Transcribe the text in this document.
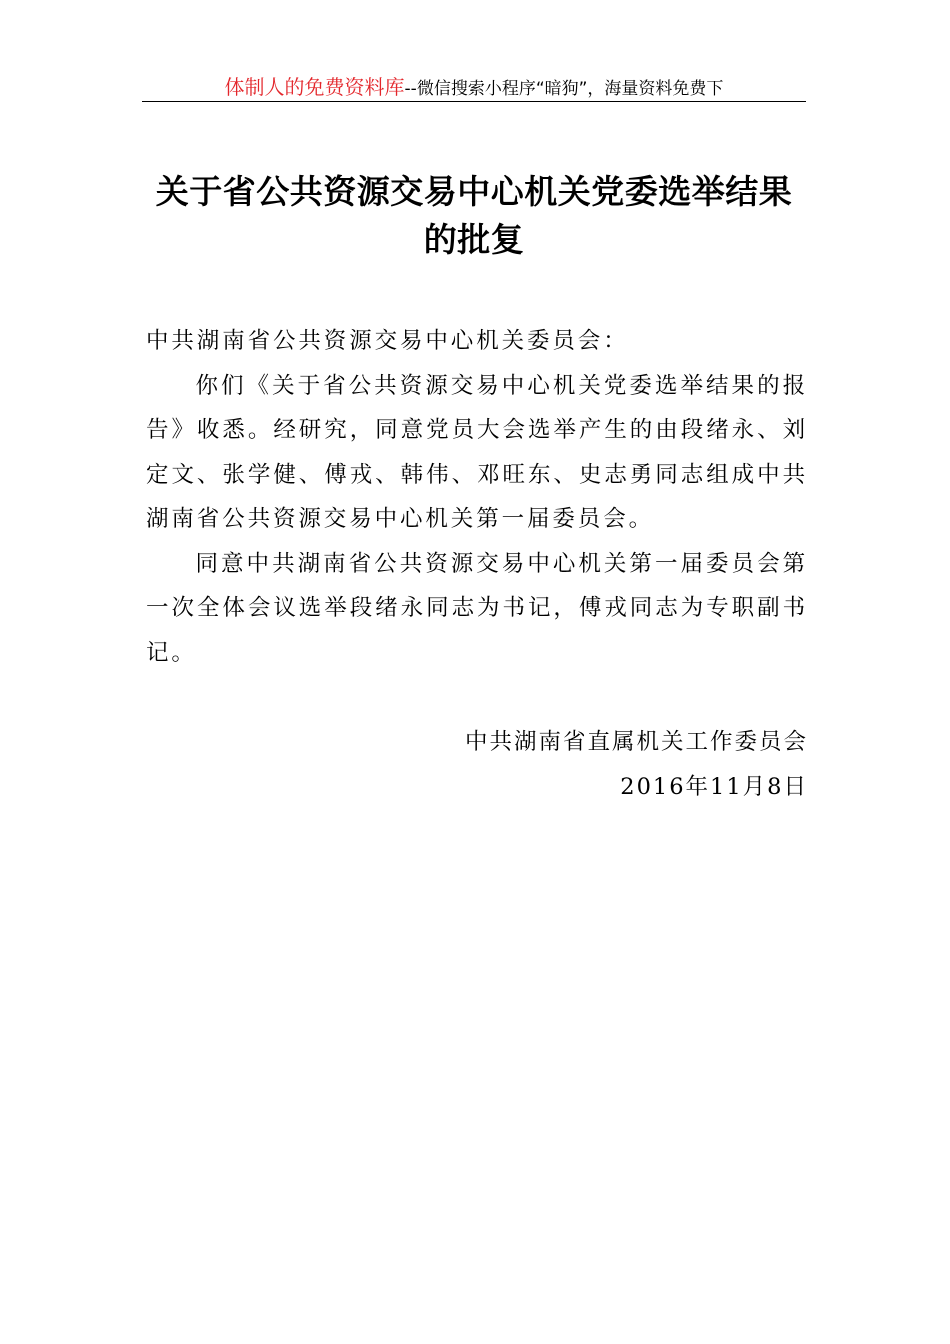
体制人的免费资料库--微信搜索小程序“暗狗”，海量资料免费下
关于省公共资源交易中心机关党委选举结果的批复

中共湖南省公共资源交易中心机关委员会：

你们《关于省公共资源交易中心机关党委选举结果的报告》收悉。经研究，同意党员大会选举产生的由段绪永、刘定文、张学健、傅戎、韩伟、邓旺东、史志勇同志组成中共湖南省公共资源交易中心机关第一届委员会。

同意中共湖南省公共资源交易中心机关第一届委员会第一次全体会议选举段绪永同志为书记，傅戎同志为专职副书记。

中共湖南省直属机关工作委员会
2016年11月8日
